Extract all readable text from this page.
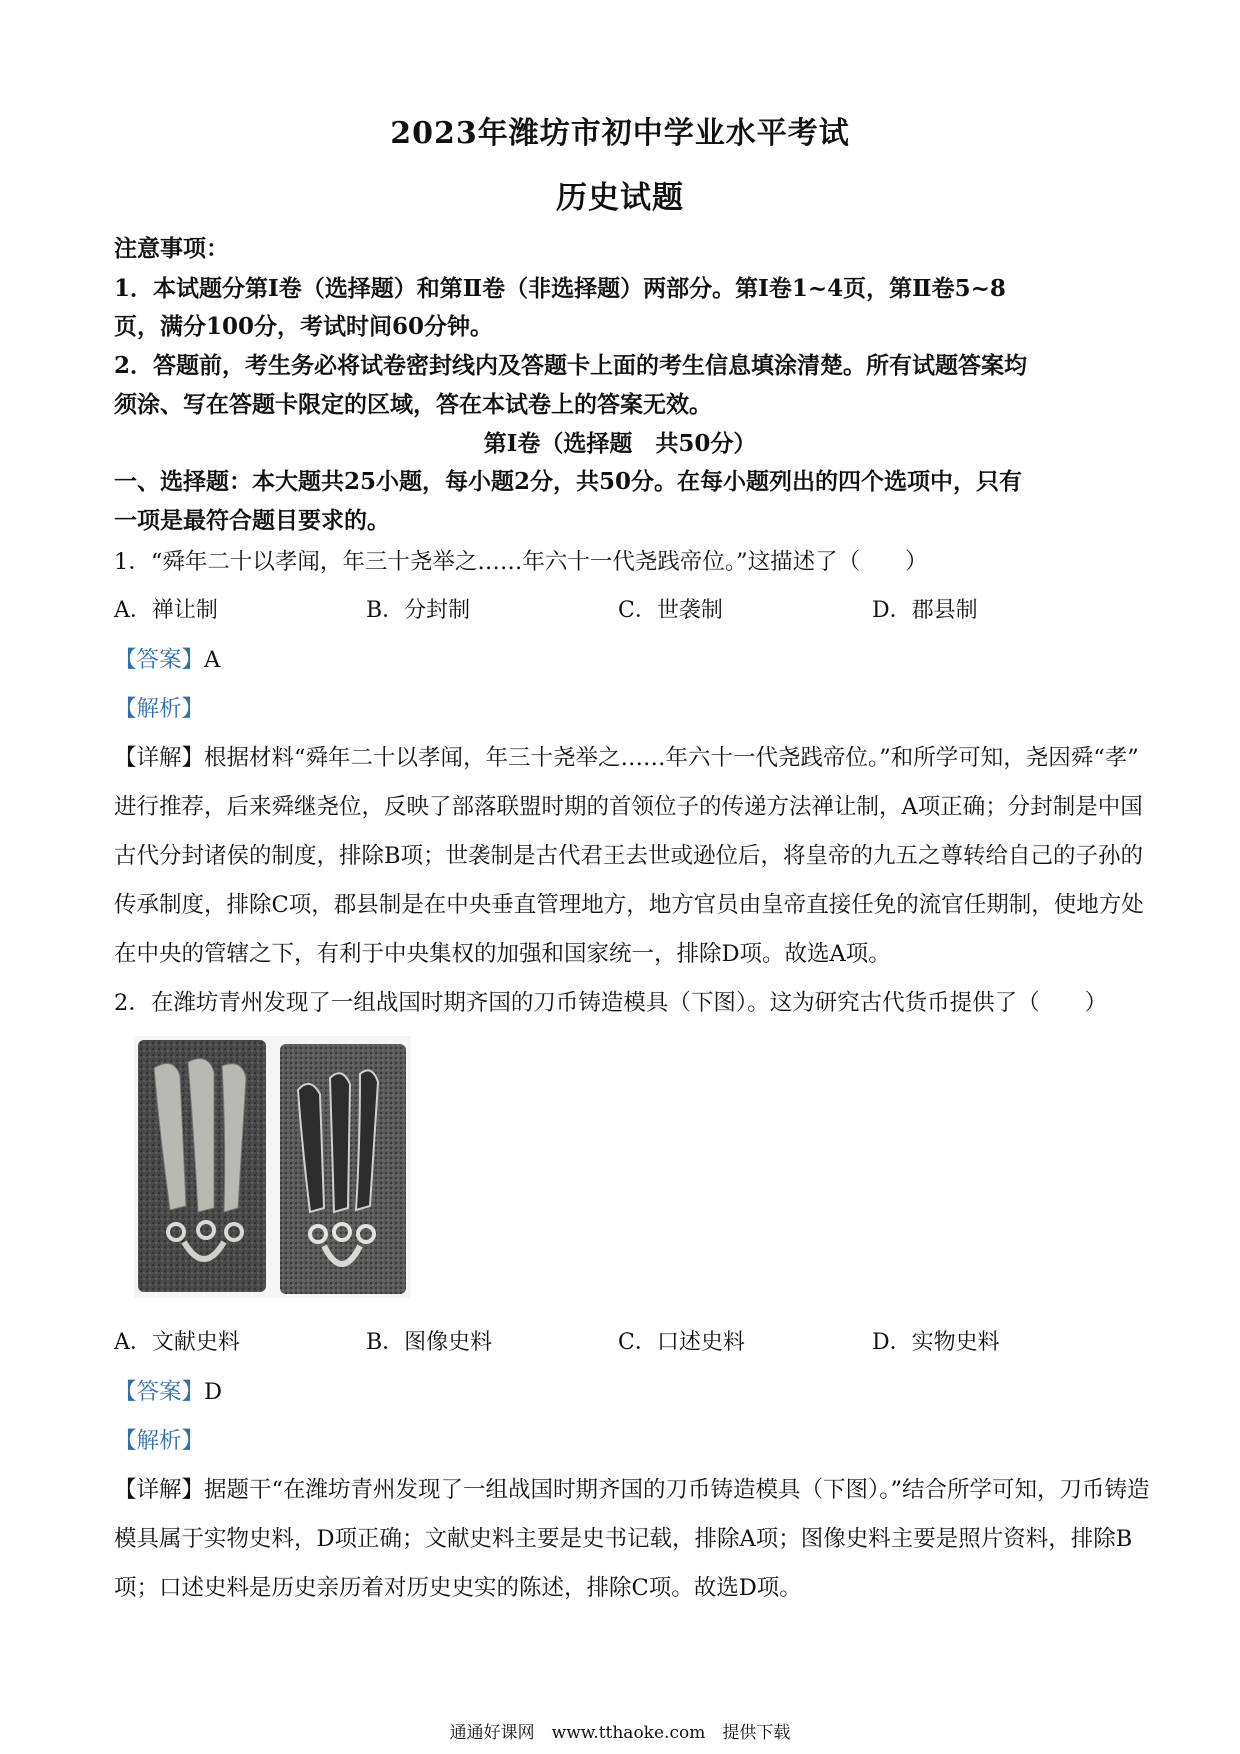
2023年潍坊市初中学业水平考试
历史试题
注意事项：
1．本试题分第Ⅰ卷（选择题）和第Ⅱ卷（非选择题）两部分。第Ⅰ卷1~4页，第Ⅱ卷5~8
页，满分100分，考试时间60分钟。
2．答题前，考生务必将试卷密封线内及答题卡上面的考生信息填涂清楚。所有试题答案均
须涂、写在答题卡限定的区域，答在本试卷上的答案无效。
第Ⅰ卷（选择题　共50分）
一、选择题：本大题共25小题，每小题2分，共50分。在每小题列出的四个选项中，只有
一项是最符合题目要求的。
1．“舜年二十以孝闻，年三十尧举之……年六十一代尧践帝位。”这描述了（　　）
A．禅让制	B．分封制	C．世袭制	D．郡县制
【答案】A
【解析】
【详解】根据材料“舜年二十以孝闻，年三十尧举之……年六十一代尧践帝位。”和所学可知，尧因舜“孝”
进行推荐，后来舜继尧位，反映了部落联盟时期的首领位子的传递方法禅让制，A项正确；分封制是中国
古代分封诸侯的制度，排除B项；世袭制是古代君王去世或逊位后，将皇帝的九五之尊转给自己的子孙的
传承制度，排除C项，郡县制是在中央垂直管理地方，地方官员由皇帝直接任免的流官任期制，使地方处
在中央的管辖之下，有利于中央集权的加强和国家统一，排除D项。故选A项。
2．在潍坊青州发现了一组战国时期齐国的刀币铸造模具（下图）。这为研究古代货币提供了（　　）
A．文献史料	B．图像史料	C．口述史料	D．实物史料
【答案】D
【解析】
【详解】据题干“在潍坊青州发现了一组战国时期齐国的刀币铸造模具（下图）。”结合所学可知，刀币铸造
模具属于实物史料，D项正确；文献史料主要是史书记载，排除A项；图像史料主要是照片资料，排除B
项；口述史料是历史亲历着对历史史实的陈述，排除C项。故选D项。
通通好课网　www.tthaoke.com　提供下载
